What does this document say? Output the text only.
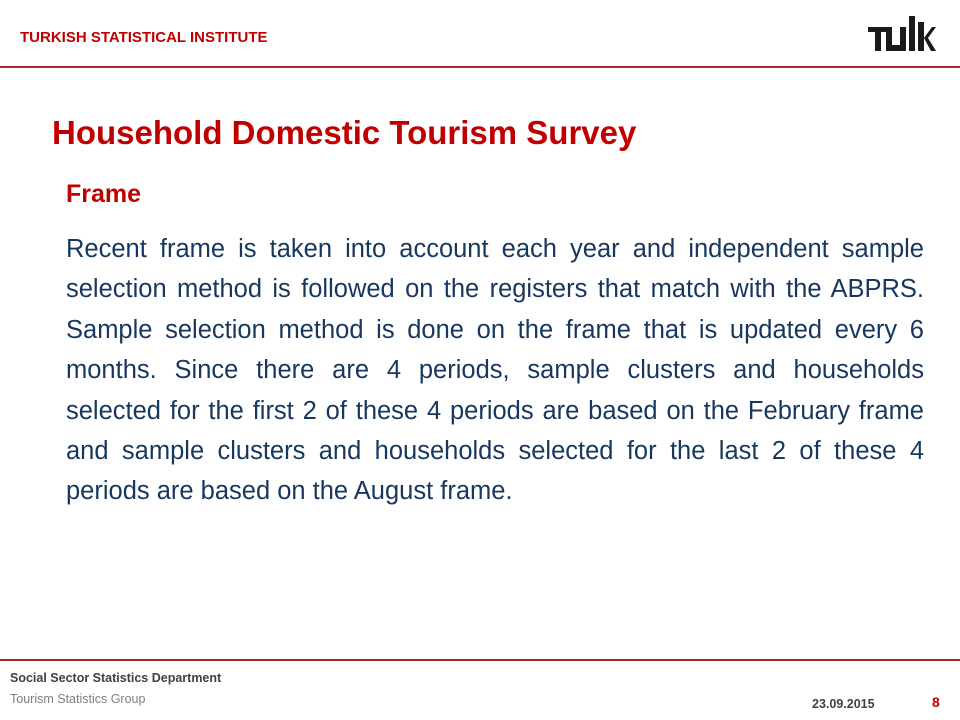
TURKISH STATISTICAL INSTITUTE
Household Domestic Tourism Survey
Frame

Recent frame is taken into account each year and independent sample selection method is followed on the registers that match with the ABPRS. Sample selection method is done on the frame that is updated every 6 months. Since there are 4 periods, sample clusters and households selected for the first 2 of these 4 periods are based on the February frame and sample clusters and households selected for the last 2 of these 4 periods are based on the August frame.

Social Sector Statistics Department
Tourism Statistics Group	23.09.2015	8
